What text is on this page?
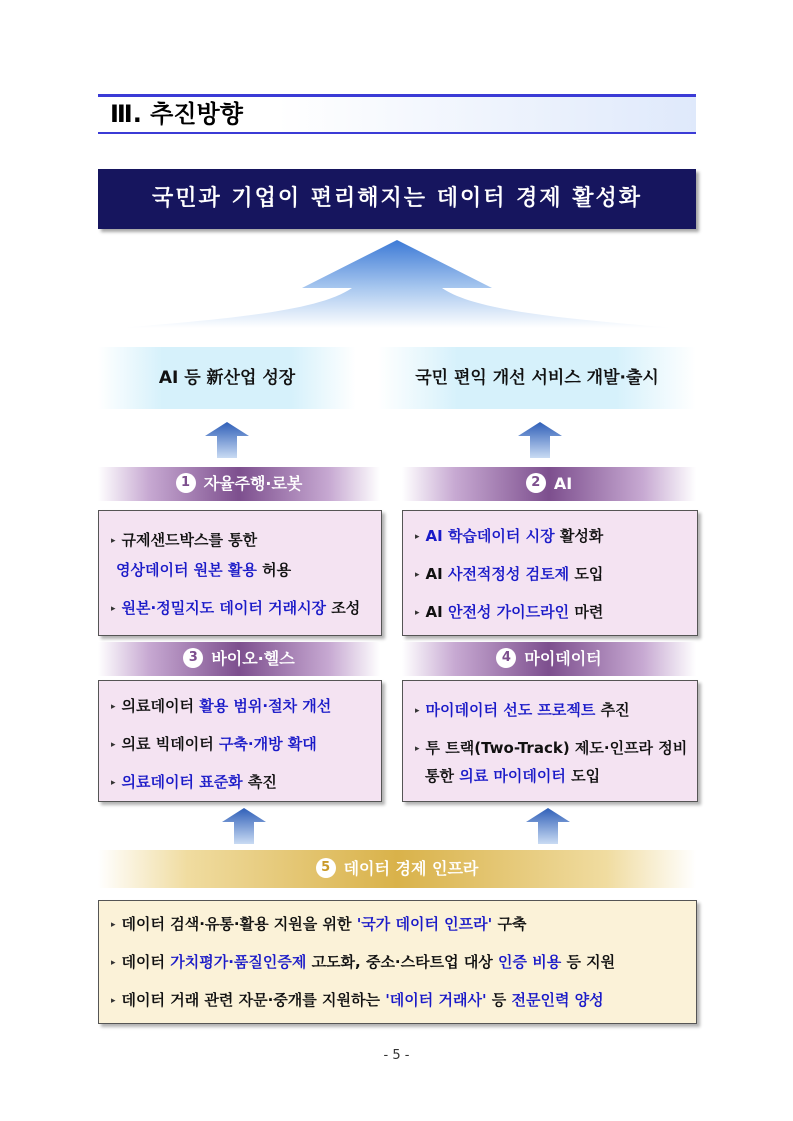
Ⅲ. 추진방향
국민과 기업이 편리해지는 데이터 경제 활성화
AI 등 新산업 성장	국민 편익 개선 서비스 개발·출시
1 자율주행·로봇
▸ 규제샌드박스를 통한
영상데이터 원본 활용 허용
▸ 원본·정밀지도 데이터 거래시장 조성
2 AI
▸ AI 학습데이터 시장 활성화
▸ AI 사전적정성 검토제 도입
▸ AI 안전성 가이드라인 마련
3 바이오·헬스
▸ 의료데이터 활용 범위·절차 개선
▸ 의료 빅데이터 구축·개방 확대
▸ 의료데이터 표준화 촉진
4 마이데이터
▸ 마이데이터 선도 프로젝트 추진
▸ 투 트랙(Two-Track) 제도·인프라 정비
통한 의료 마이데이터 도입
5 데이터 경제 인프라
▸ 데이터 검색·유통·활용 지원을 위한 '국가 데이터 인프라' 구축
▸ 데이터 가치평가·품질인증제 고도화, 중소·스타트업 대상 인증 비용 등 지원
▸ 데이터 거래 관련 자문·중개를 지원하는 '데이터 거래사' 등 전문인력 양성
- 5 -
